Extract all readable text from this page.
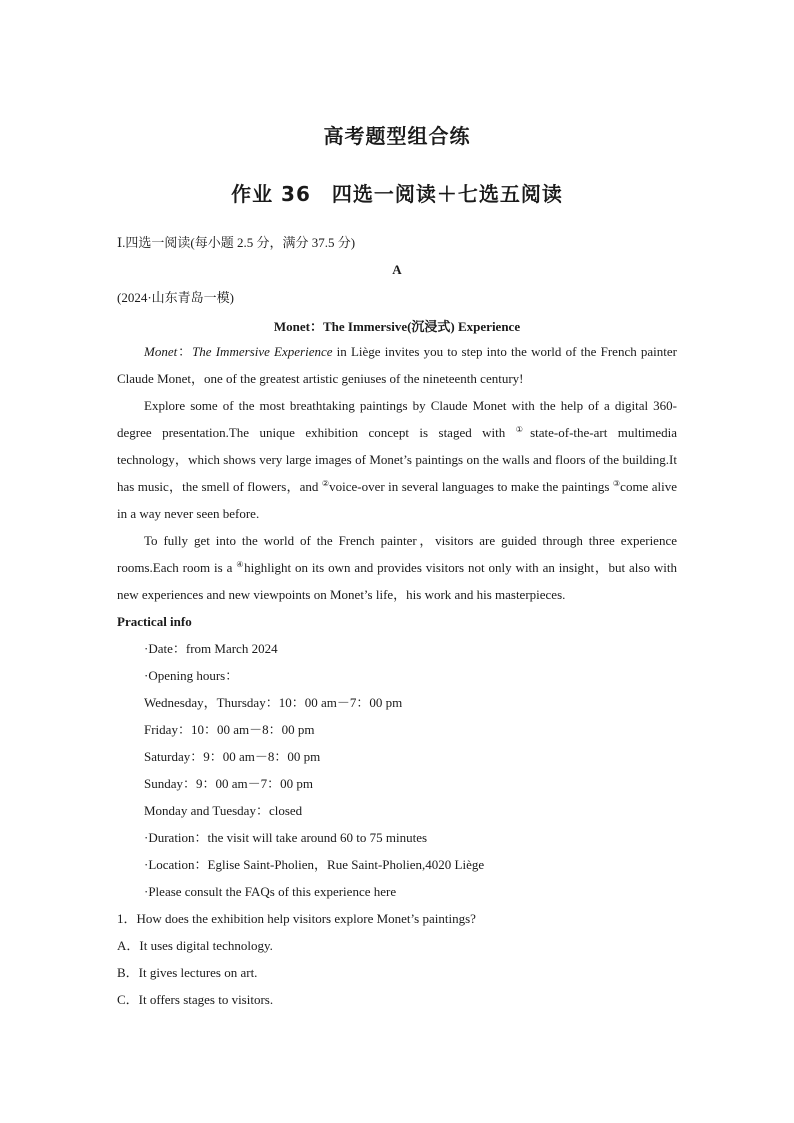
高考题型组合练
作业 36　四选一阅读＋七选五阅读
Ⅰ.四选一阅读(每小题 2.5 分，满分 37.5 分)
A
(2024·山东青岛一模)
Monet：The Immersive(沉浸式) Experience

Monet：The Immersive Experience in Liège invites you to step into the world of the French painter Claude Monet，one of the greatest artistic geniuses of the nineteenth century!

Explore some of the most breathtaking paintings by Claude Monet with the help of a digital 360-degree presentation.The unique exhibition concept is staged with ①state-of-the-art multimedia technology，which shows very large images of Monet’s paintings on the walls and floors of the building.It has music，the smell of flowers，and ②voice-over in several languages to make the paintings ③come alive in a way never seen before.

To fully get into the world of the French painter，visitors are guided through three experience rooms.Each room is a ④highlight on its own and provides visitors not only with an insight，but also with new experiences and new viewpoints on Monet’s life，his work and his masterpieces.

Practical info
·Date：from March 2024
·Opening hours：
Wednesday，Thursday：10：00 am－7：00 pm
Friday：10：00 am－8：00 pm
Saturday：9：00 am－8：00 pm
Sunday：9：00 am－7：00 pm
Monday and Tuesday：closed
·Duration：the visit will take around 60 to 75 minutes
·Location：Eglise Saint-Pholien，Rue Saint-Pholien,4020 Liège
·Please consult the FAQs of this experience here
1．How does the exhibition help visitors explore Monet’s paintings?
A．It uses digital technology.
B．It gives lectures on art.
C．It offers stages to visitors.
